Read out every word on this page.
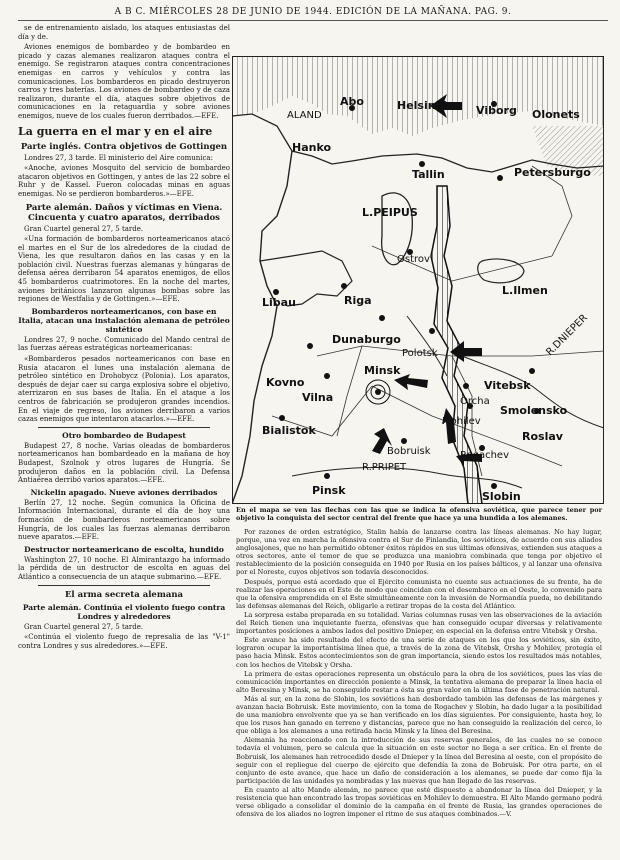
A B C. MIÉRCOLES 28 DE JUNIO DE 1944. EDICIÓN DE LA MAÑANA. PAG. 9.

se de entrenamiento aislado, los ataques entusiastas del día y de.

Aviones enemigos de bombardeo y de bombardeo en picado y cazas alemanes realizaron ataques contra el enemigo. Se registraron ataques contra concentraciones enemigas en carros y vehículos y contra las comunicaciones. Los bombarderos en picado destruyeron carros y tres baterías. Los aviones de bombardeo y de caza realizaron, durante el día, ataques sobre objetivos de comunicaciones en la retaguardia y sobre aviones enemigos, nueve de los cuales fueron derribados.—EFE.

La guerra en el mar y en el aire
Parte inglés. Contra objetivos de Gottingen

Londres 27, 3 tarde. El ministerio del Aire comunica:

«Anoche, aviones Mosquito del servicio de bombardeo atacaron objetivos en Gottingen, y antes de las 22 sobre el Ruhr y de Kassel. Fueron colocadas minas en aguas enemigas. No se perdieron bombarderos.»—EFE.

Parte alemán. Daños y víctimas en Viena. Cincuenta y cuatro aparatos, derribados

Gran Cuartel general 27, 5 tarde.

«Una formación de bombarderos norteamericanos atacó el martes en el Sur de los alrededores de la ciudad de Viena, les que resultaron daños en las casas y en la población civil. Nuestras fuerzas alemanas y húngaras de defensa aérea derribaron 54 aparatos enemigos, de ellos 45 bombarderos cuatrimotores. En la noche del martes, aviones británicos lanzaron algunas bombas sobre las regiones de Westfalia y de Gottingen.»—EFE.

Bombarderos norteamericanos, con base en Italia, atacan una instalación alemana de petróleo sintético

Londres 27, 9 noche. Comunicado del Mando central de las fuerzas aéreas estratégicas norteamericanas:

«Bombarderos pesados norteamericanos con base en Rusia atacaron el lunes una instalación alemana de petróleo sintético en Drohobycz (Polonia). Los aparatos, después de dejar caer su carga explosiva sobre el objetivo, aterrizaron en sus bases de Italia. En el ataque a los centros de fabricación se produjeron grandes incendios. En el viaje de regreso, los aviones derribaron a varios cazas enemigos que intentaron atacarlos.»—EFE.

Otro bombardeo de Budapest

Budapest 27, 8 noche. Varias oleadas de bombarderos norteamericanos han bombardeado en la mañana de hoy Budapest, Szolnok y otros lugares de Hungría. Se produjeron daños en la población civil. La Defensa Antiaérea derribó varios aparatos.—EFE.

Nickelin apagado. Nueve aviones derribados

Berlín 27, 12 noche. Según comunica la Oficina de Información Internacional, durante el día de hoy una formación de bombarderos norteamericanos sobre Hungría, de los cuales las fuerzas alemanas derribaron nueve aparatos.—EFE.

Destructor norteamericano de escolta, hundido

Washington 27, 10 noche. El Almirantazgo ha informado la pérdida de un destructor de escolta en aguas del Atlántico a consecuencia de un ataque submarino.—EFE.

El arma secreta alemana
Parte alemán. Continúa el violento fuego contra Londres y alrededores

Gran Cuartel general 27, 5 tarde.

«Continúa el violento fuego de represalia de las "V-1" contra Londres y sus alrededores.»—EFE.

Abo
ALAND
Helsinki	Viborg Olonets
Hanko
Tallin	Petersburgo
L.PEIPUS
Ostrov
Libau	Riga
L.Ilmen
Dunaburgo
Polotsk
Kovno	Vitebsk
Vilna
Minsk
Smolensko
Orcha
Bialistok
Mohilev
Roslav
Bobruisk	Rogachev
R.PRIPET
R.DNIEPER
Pinsk	Slobin
En el mapa se ven las flechas con las que se indica la ofensiva soviética, que parece tener por objetivo la conquista del sector central del frente que hace ya una hundida a los alemanes.

Por razones de orden estratégico, Stalin había de lanzarse contra las líneas alemanas. No hay lugar, porque, una vez en marcha la ofensiva contra el Sur de Finlandia, los soviéticos, de acuerdo con sus aliados anglosajones, que no han permitido obtener éxitos rápidos en sus últimas ofensivas, extienden sus ataques a otros sectores, ante el temor de que se produzca una maniobra combinada que tenga por objetivo el restablecimiento de la posición conseguida en 1940 por Rusia en los países bálticos, y al lanzar una ofensiva por el Noreste, cuyos objetivos son todavía desconocidos.

Después, porque está acordado que el Ejército comunista no cuente sus actuaciones de su frente, ha de realizar las operaciones en el Este de modo que coincidan con el desembarco en el Oeste, lo convenido para que la ofensiva emprendida en el Este simultáneamente con la invasión de Normandía pueda, no debilitando las defensas alemanas del Reich, obligarle a retirar tropas de la costa del Atlántico.

La sorpresa estaba preparada en su totalidad. Varias columnas rusas ven las observaciones de la aviación del Reich tienen una inquietante fuerza, ofensivas que han conseguido ocupar diversas y relativamente importantes posiciones a ambos lados del positivo Dnieper, en especial en la defensa entre Vitebsk y Orsha.

Este avance ha sido resultado del efecto de una serie de ataques en los que los soviéticos, sin éxito, lograron ocupar la importantísima línea que, a través de la zona de Vitebsk, Orsha y Mohilev, protegía el paso hacia Minsk. Estos acontecimientos son de gran importancia, siendo estos los resultados más notables, con los hechos de Vitebsk y Orsha.

La primera de estas operaciones representa un obstáculo para la obra de los soviéticos, pues las vías de comunicación importantes en dirección poniente a Minsk, la tentativa alemana de preparar la línea hacia el alto Beresina y Minsk, se ha conseguido restar a ésta su gran valor en la última fase de penetración natural.

Más al sur, en la zona de Slobin, los soviéticos han desbordado también las defensas de las márgenes y avanzan hacia Bobruisk. Este movimiento, con la toma de Rogachev y Slobin, ha dado lugar a la posibilidad de una maniobra envolvente que ya se han verificado en los días siguientes. Por consiguiente, hasta hoy, lo que los rusos han ganado en terreno y distancias, parece que no han conseguido la realización del cerco, lo que obliga a los alemanes a una retirada hacia Minsk y la línea del Beresina.

Alemania ha reaccionado con la introducción de sus reservas generales, de las cuales no se conoce todavía el volumen, pero se calcula que la situación en este sector no llega a ser crítica. En el frente de Bobruisk, los alemanes han retrocedido desde el Dnieper y la línea del Beresina al oeste, con el propósito de seguir con el repliegue del cuerpo de ejército que defendía la zona de Bobruisk. Por otra parte, en el conjunto de este avance, que hace un daño de consideración a los alemanes, se puede dar como fija la participación de las unidades ya nombradas y las nuevas que han llegado de las reservas.

En cuanto al alto Mando alemán, no parece que esté dispuesto a abandonar la línea del Dnieper, y la resistencia que han encontrado las tropas soviéticas en Mohilev lo demuestra. El Alto Mando germano podrá verse obligado a consolidar el dominio de la campaña en el frente de Rusia, las grandes operaciones de ofensiva de los aliados no logren imponer el ritmo de sus ataques combinados.—V.
